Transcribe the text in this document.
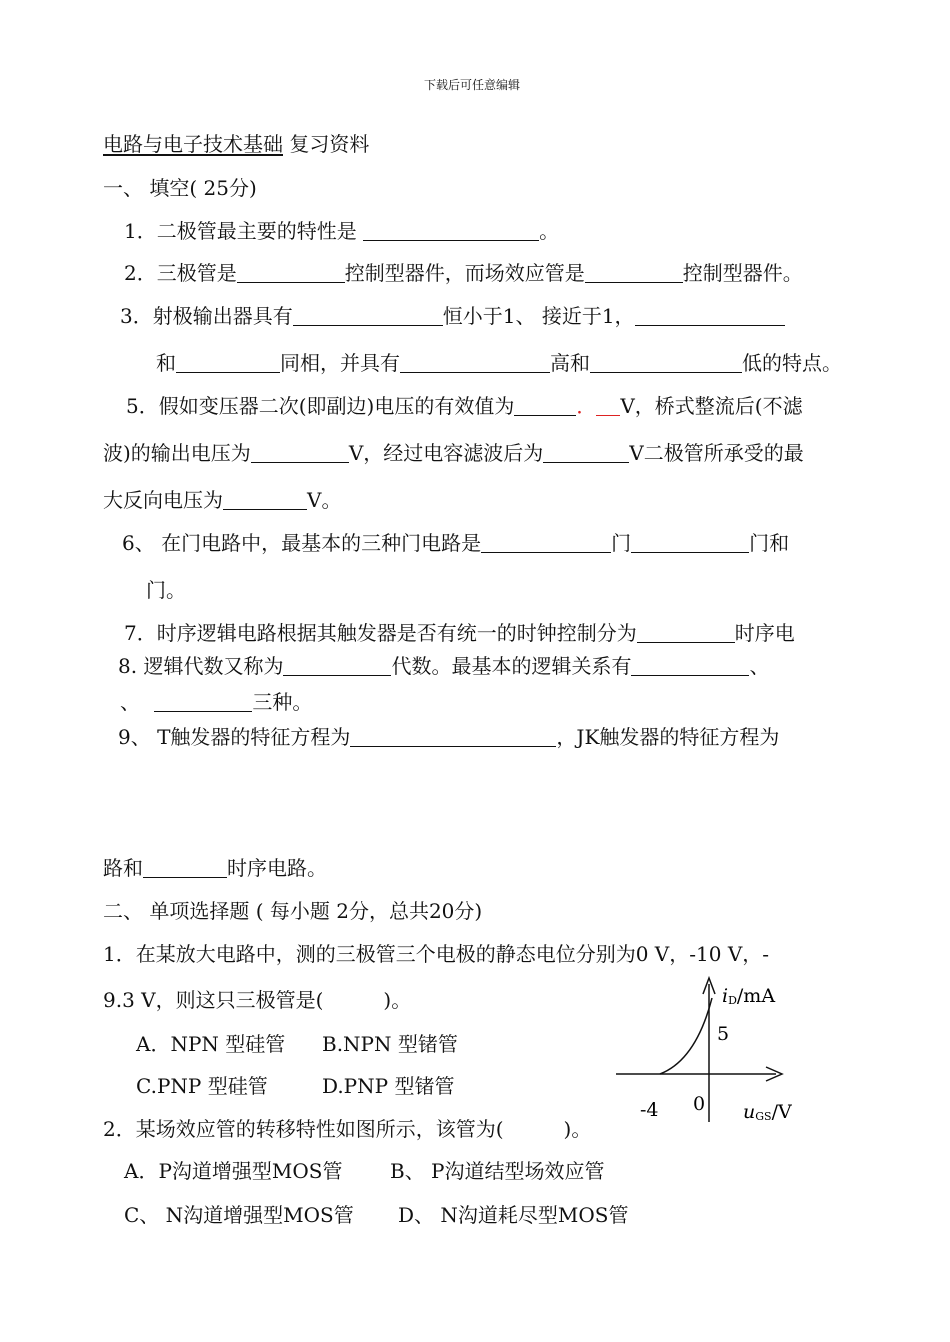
下载后可任意编辑
电路与电子技术基础 复习资料
一、 填空( 25分)
1．二极管最主要的特性是	。
2．三极管是	控制型器件，而场效应管是	控制型器件。
3．射极输出器具有	恒小于1、 接近于1，
和	同相，并具有	高和	低的特点。
5．假如变压器二次(即副边)电压的有效值为	． V，桥式整流后(不滤
波)的输出电压为	V，经过电容滤波后为	V二极管所承受的最
大反向电压为	V。
6、 在门电路中，最基本的三种门电路是	门	门和
门。
7．时序逻辑电路根据其触发器是否有统一的时钟控制分为	时序电
8. 逻辑代数又称为	代数。最基本的逻辑关系有	、
、	三种。
9、 T触发器的特征方程为	，JK触发器的特征方程为
路和	时序电路。
二、 单项选择题 ( 每小题 2分，总共20分)
1．在某放大电路中，测的三极管三个电极的静态电位分别为0 V，-10 V，-
9.3 V，则这只三极管是(　　　)。
A．NPN 型硅管 B.NPN 型锗管
C.PNP 型硅管	D.PNP 型锗管
2．某场效应管的转移特性如图所示，该管为(　　　)。
A．P沟道增强型MOS管 B、 P沟道结型场效应管
C、 N沟道增强型MOS管 D、 N沟道耗尽型MOS管
iD/mA
5
-4 0 uGS/V
